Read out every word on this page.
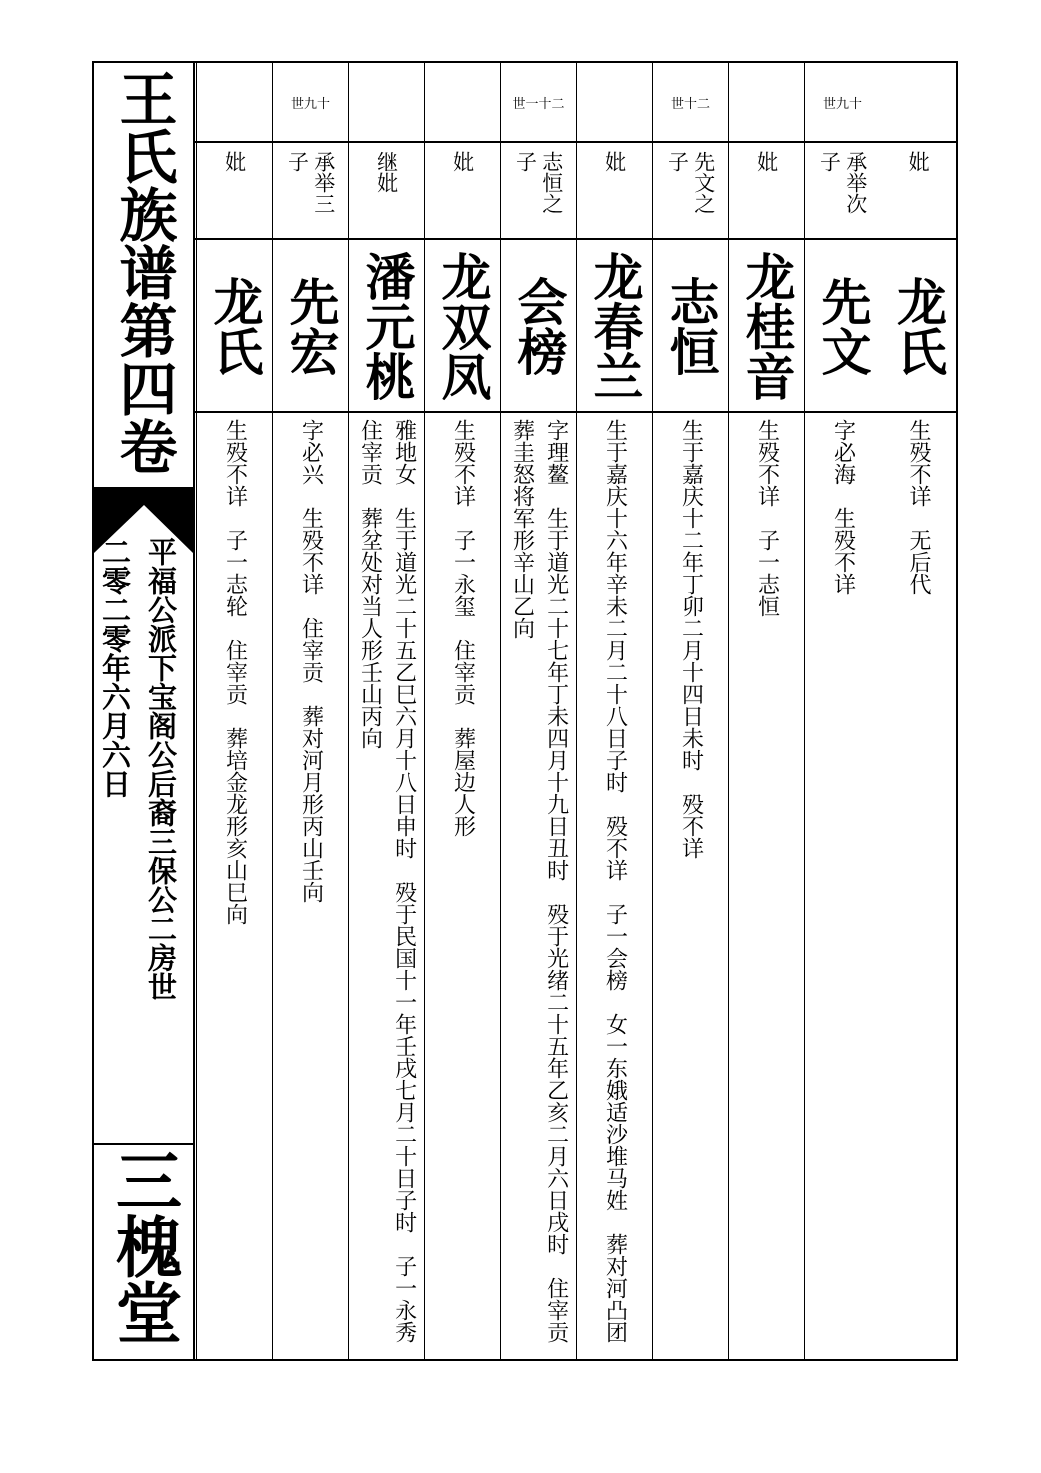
妣
龙氏
生殁不详　无后代
世九十
承举次子
先文
字必海　生殁不详
妣
龙桂音
生殁不详　子一志恒
世十二
先文之子
志恒
生于嘉庆十二年丁卯二月十四日未时　殁不详
妣
龙春兰
生于嘉庆十六年辛未二月二十八日子时　殁不详　子一会榜　女一东娥适沙堆马姓　葬对河凸团
世一十二
志恒之子
会榜
字理鳌　生于道光二十七年丁未四月十九日丑时　殁于光绪二十五年乙亥二月六日戌时　住宰贡　葬圭怒将军形辛山乙向
妣
龙双凤
生殁不详　子一永玺　住宰贡　葬屋边人形
继妣
潘元桃
雅地女　生于道光二十五乙巳六月十八日申时　殁于民国十一年壬戌七月二十日子时　子一永秀　住宰贡　葬坌处对当人形壬山丙向
世九十
承举三子
先宏
字必兴　生殁不详　住宰贡　葬对河月形丙山壬向
妣
龙氏
生殁不详　子一志轮　住宰贡　葬培金龙形亥山巳向
王氏族谱第四卷
平福公派下宝阁公后裔三保公二房世
二零二零年六月六日
三槐堂
